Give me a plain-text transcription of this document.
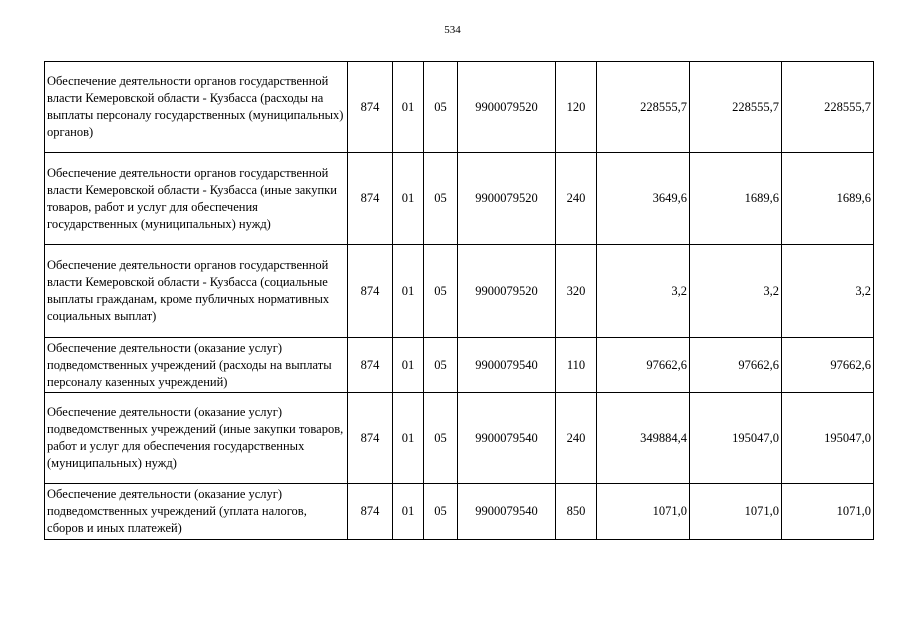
534
Обеспечение деятельности органов государственной власти Кемеровской области - Кузбасса (расходы на выплаты персоналу государственных (муниципальных) органов)	874	01	05	9900079520	120	228555,7	228555,7	228555,7
Обеспечение деятельности органов государственной власти Кемеровской области - Кузбасса (иные закупки товаров, работ и услуг для обеспечения государственных (муниципальных) нужд)	874	01	05	9900079520	240	3649,6	1689,6	1689,6
Обеспечение деятельности органов государственной власти Кемеровской области - Кузбасса (социальные выплаты гражданам, кроме публичных нормативных социальных выплат)	874	01	05	9900079520	320	3,2	3,2	3,2
Обеспечение деятельности (оказание услуг) подведомственных учреждений (расходы на выплаты персоналу казенных учреждений)	874	01	05	9900079540	110	97662,6	97662,6	97662,6
Обеспечение деятельности (оказание услуг) подведомственных учреждений (иные закупки товаров, работ и услуг для обеспечения государственных (муниципальных) нужд)	874	01	05	9900079540	240	349884,4	195047,0	195047,0
Обеспечение деятельности (оказание услуг) подведомственных учреждений (уплата налогов, сборов и иных платежей)	874	01	05	9900079540	850	1071,0	1071,0	1071,0
